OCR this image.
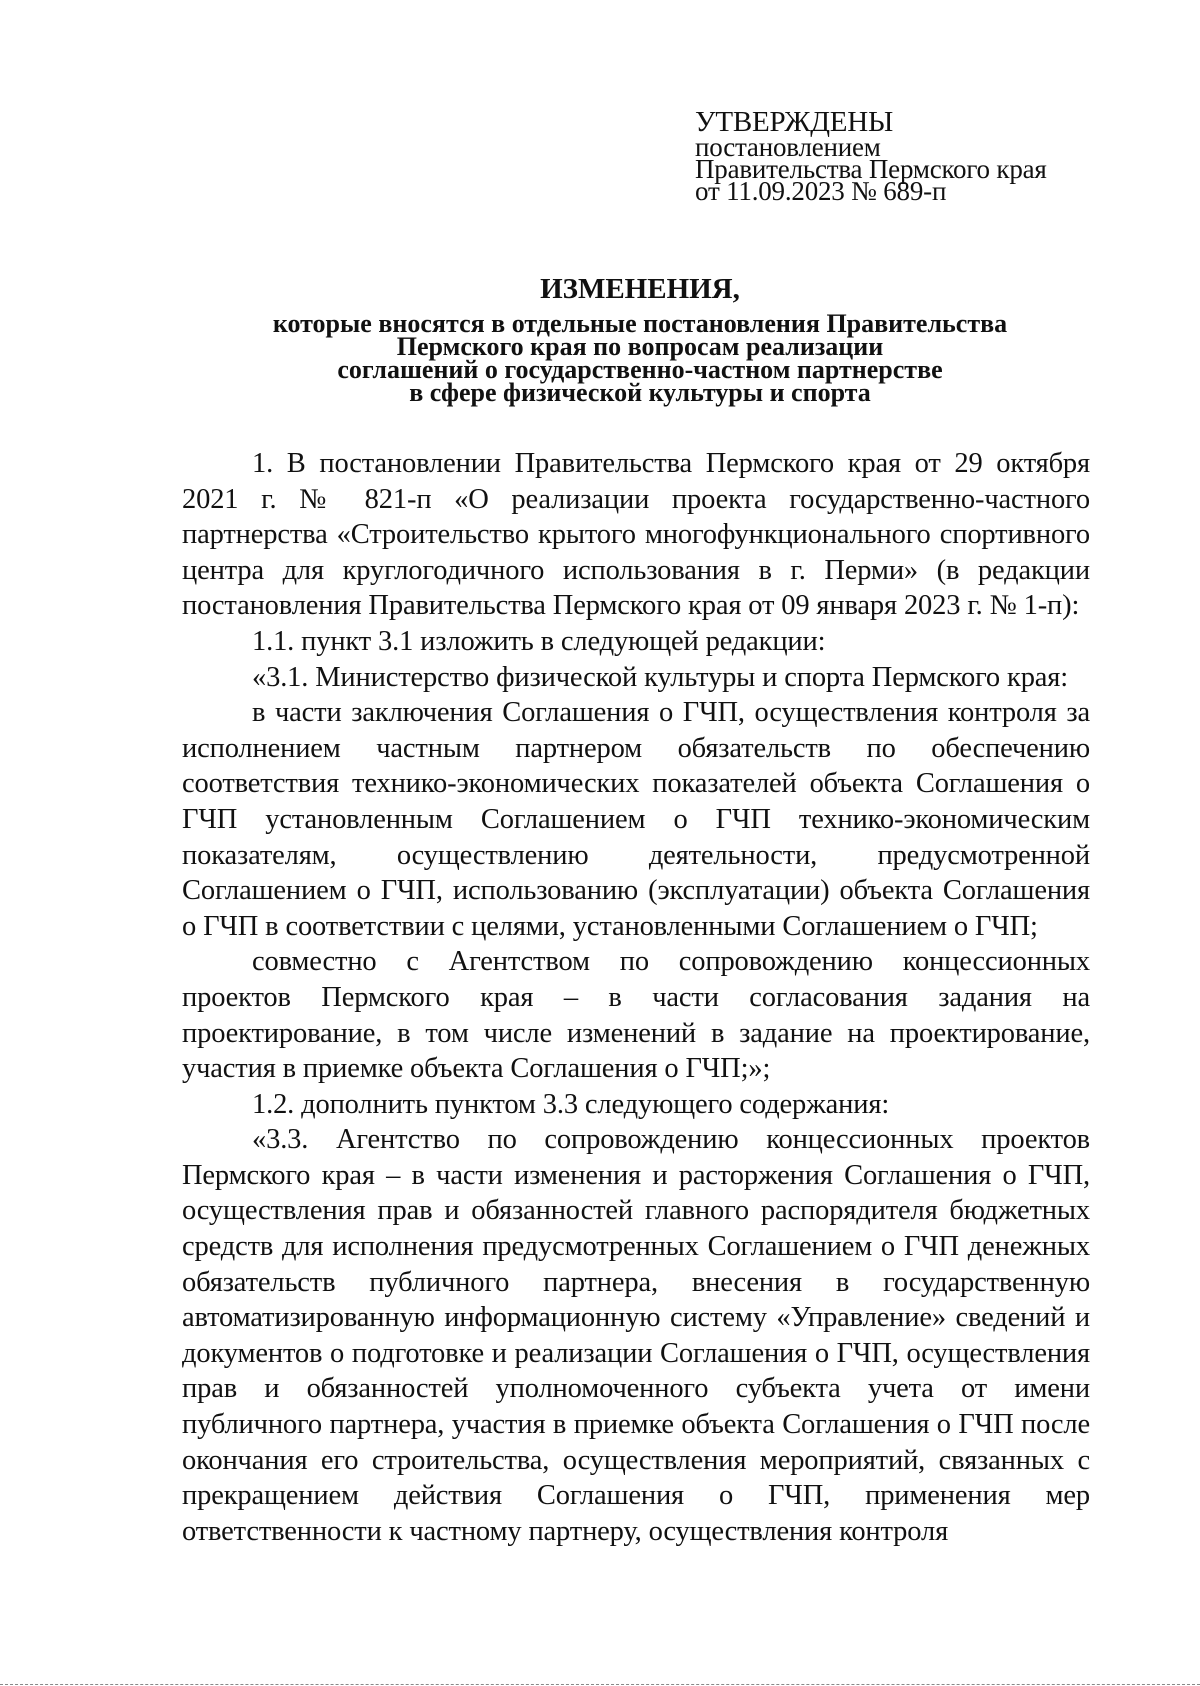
УТВЕРЖДЕНЫ
постановлением
Правительства Пермского края
от 11.09.2023 № 689-п
ИЗМЕНЕНИЯ,
которые вносятся в отдельные постановления Правительства
Пермского края по вопросам реализации
соглашений о государственно-частном партнерстве
в сфере физической культуры и спорта

1. В постановлении Правительства Пермского края от 29 октября 2021 г. № 821-п «О реализации проекта государственно-частного партнерства «Строительство крытого многофункционального спортивного центра для круглогодичного использования в г. Перми» (в редакции постановления Правительства Пермского края от 09 января 2023 г. № 1-п):

1.1. пункт 3.1 изложить в следующей редакции:

«3.1. Министерство физической культуры и спорта Пермского края:

в части заключения Соглашения о ГЧП, осуществления контроля за исполнением частным партнером обязательств по обеспечению соответствия технико-экономических показателей объекта Соглашения о ГЧП установленным Соглашением о ГЧП технико-экономическим показателям, осуществлению деятельности, предусмотренной Соглашением о ГЧП, использованию (эксплуатации) объекта Соглашения о ГЧП в соответствии с целями, установленными Соглашением о ГЧП;

совместно с Агентством по сопровождению концессионных проектов Пермского края – в части согласования задания на проектирование, в том числе изменений в задание на проектирование, участия в приемке объекта Соглашения о ГЧП;»;

1.2. дополнить пунктом 3.3 следующего содержания:

«3.3. Агентство по сопровождению концессионных проектов Пермского края – в части изменения и расторжения Соглашения о ГЧП, осуществления прав и обязанностей главного распорядителя бюджетных средств для исполнения предусмотренных Соглашением о ГЧП денежных обязательств публичного партнера, внесения в государственную автоматизированную информационную систему «Управление» сведений и документов о подготовке и реализации Соглашения о ГЧП, осуществления прав и обязанностей уполномоченного субъекта учета от имени публичного партнера, участия в приемке объекта Соглашения о ГЧП после окончания его строительства, осуществления мероприятий, связанных с прекращением действия Соглашения о ГЧП, применения мер ответственности к частному партнеру, осуществления контроля
